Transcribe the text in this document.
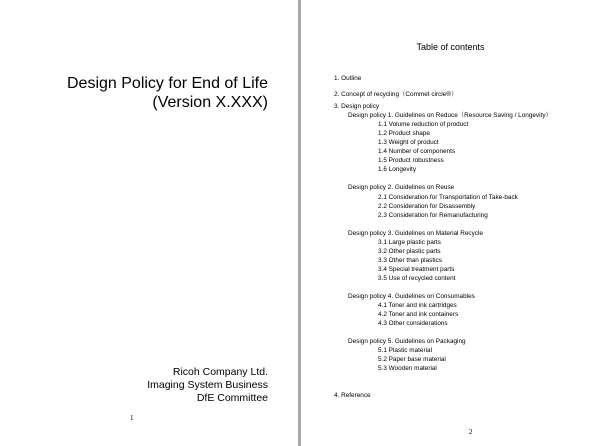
Design Policy for End of Life
(Version X.XXX)
Ricoh Company Ltd.
Imaging System Business
DfE Committee
1
Table of contents
1. Outline
2. Concept of recycling（Commet circle®）
3. Design policy
Design policy 1. Guidelines on Reduce（Resource Saving / Longevity）
1.1 Volume reduction of product
1.2 Product shape
1.3 Weight of product
1.4 Number of components
1.5 Product robustness
1.6 Longevity
Design policy 2. Guidelines on Reuse
2.1 Consideration for Transportation of Take-back
2.2 Consideration for Disassembly
2.3 Consideration for Remanufacturing
Design policy 3. Guidelines on Material Recycle
3.1 Large plastic parts
3.2 Other plastic parts
3.3 Other than plastics
3.4 Special treatment parts
3.5 Use of recycled content
Design policy 4. Guidelines on Consumables
4.1 Toner and ink cartridges
4.2 Toner and ink containers
4.3 Other considerations
Design policy 5. Guidelines on Packaging
5.1 Plastic material
5.2 Paper base material
5.3 Wooden material
4. Reference
2
